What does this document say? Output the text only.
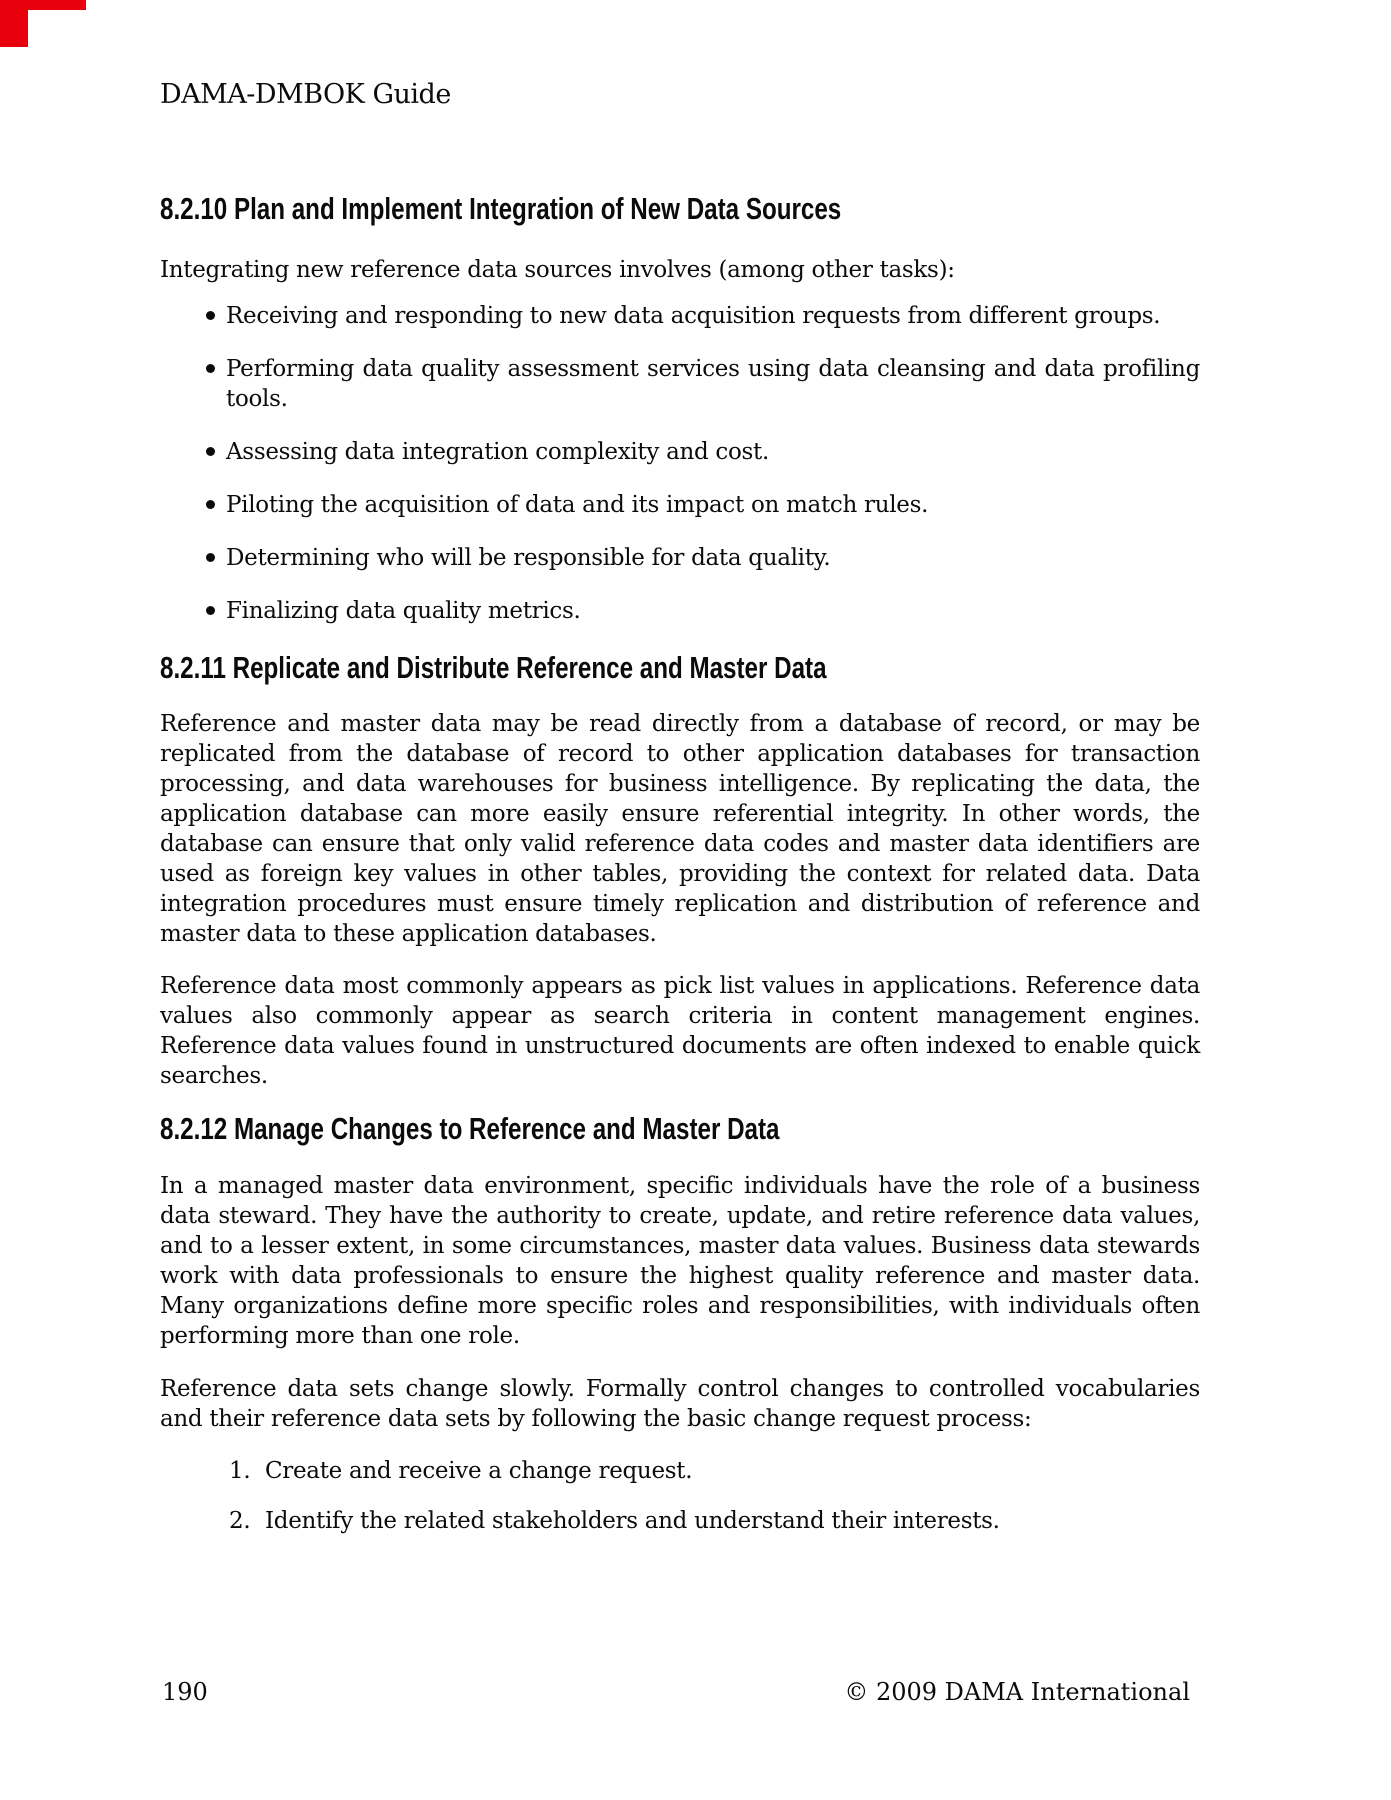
DAMA-DMBOK Guide
8.2.10 Plan and Implement Integration of New Data Sources

Integrating new reference data sources involves (among other tasks):

Receiving and responding to new data acquisition requests from different groups.
Performing data quality assessment services using data cleansing and data profiling tools.
Assessing data integration complexity and cost.
Piloting the acquisition of data and its impact on match rules.
Determining who will be responsible for data quality.
Finalizing data quality metrics.
8.2.11 Replicate and Distribute Reference and Master Data

Reference and master data may be read directly from a database of record, or may be replicated from the database of record to other application databases for transaction processing, and data warehouses for business intelligence. By replicating the data, the application database can more easily ensure referential integrity. In other words, the database can ensure that only valid reference data codes and master data identifiers are used as foreign key values in other tables, providing the context for related data. Data integration procedures must ensure timely replication and distribution of reference and master data to these application databases.

Reference data most commonly appears as pick list values in applications. Reference data values also commonly appear as search criteria in content management engines. Reference data values found in unstructured documents are often indexed to enable quick searches.

8.2.12 Manage Changes to Reference and Master Data

In a managed master data environment, specific individuals have the role of a business data steward. They have the authority to create, update, and retire reference data values, and to a lesser extent, in some circumstances, master data values. Business data stewards work with data professionals to ensure the highest quality reference and master data. Many organizations define more specific roles and responsibilities, with individuals often performing more than one role.

Reference data sets change slowly. Formally control changes to controlled vocabularies and their reference data sets by following the basic change request process:

1. Create and receive a change request.
2. Identify the related stakeholders and understand their interests.
190	© 2009 DAMA International
